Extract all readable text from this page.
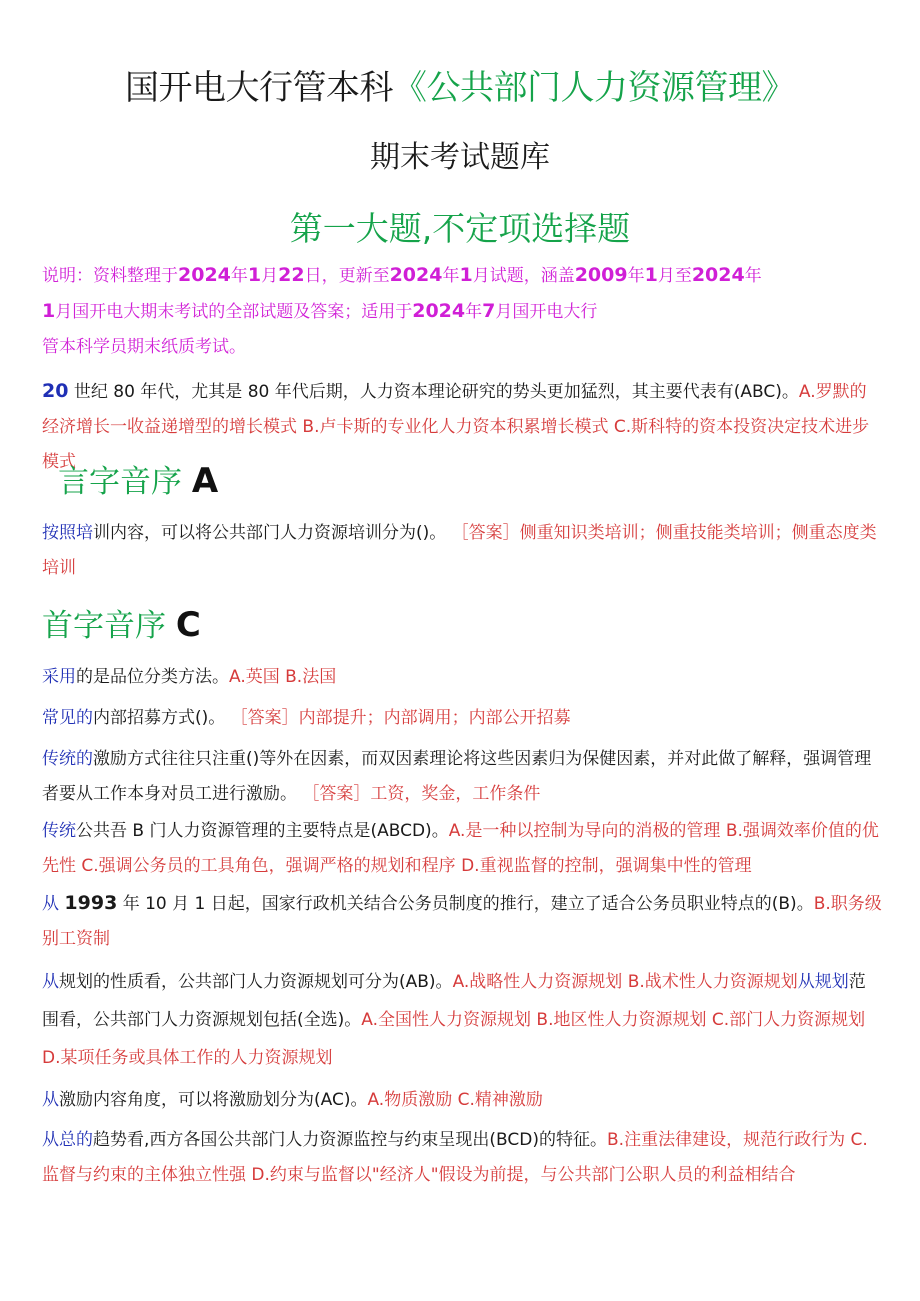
国开电大行管本科《公共部门人力资源管理》
期末考试题库
第一大题,不定项选择题
说明：资料整理于2024年1月22日，更新至2024年1月试题，涵盖2009年1月至2024年
1月国开电大期末考试的全部试题及答案；适用于2024年7月国开电大行
管本科学员期末纸质考试。
20 世纪 80 年代，尤其是 80 年代后期，人力资本理论研究的势头更加猛烈，其主要代表有(ABC)。A.罗默的经济增长一收益递增型的增长模式 B.卢卡斯的专业化人力资本积累增长模式 C.斯科特的资本投资决定技术进步模式
言字音序 A
按照培训内容，可以将公共部门人力资源培训分为()。 ［答案］侧重知识类培训；侧重技能类培训；侧重态度类培训
首字音序 C
采用的是品位分类方法。A.英国 B.法国
常见的内部招募方式()。 ［答案］内部提升；内部调用；内部公开招募
传统的激励方式往往只注重()等外在因素，而双因素理论将这些因素归为保健因素，并对此做了解释，强调管理者要从工作本身对员工进行激励。 ［答案］工资，奖金，工作条件
传统公共吾 B 门人力资源管理的主要特点是(ABCD)。A.是一种以控制为导向的消极的管理 B.强调效率价值的优先性 C.强调公务员的工具角色，强调严格的规划和程序 D.重视监督的控制，强调集中性的管理
从 1993 年 10 月 1 日起，国家行政机关结合公务员制度的推行，建立了适合公务员职业特点的(B)。B.职务级别工资制
从规划的性质看，公共部门人力资源规划可分为(AB)。A.战略性人力资源规划 B.战术性人力资源规划从规划范围看，公共部门人力资源规划包括(全选)。A.全国性人力资源规划 B.地区性人力资源规划 C.部门人力资源规划 D.某项任务或具体工作的人力资源规划
从激励内容角度，可以将激励划分为(AC)。A.物质激励 C.精神激励
从总的趋势看,西方各国公共部门人力资源监控与约束呈现出(BCD)的特征。B.注重法律建设，规范行政行为 C.监督与约束的主体独立性强 D.约束与监督以"经济人"假设为前提，与公共部门公职人员的利益相结合
